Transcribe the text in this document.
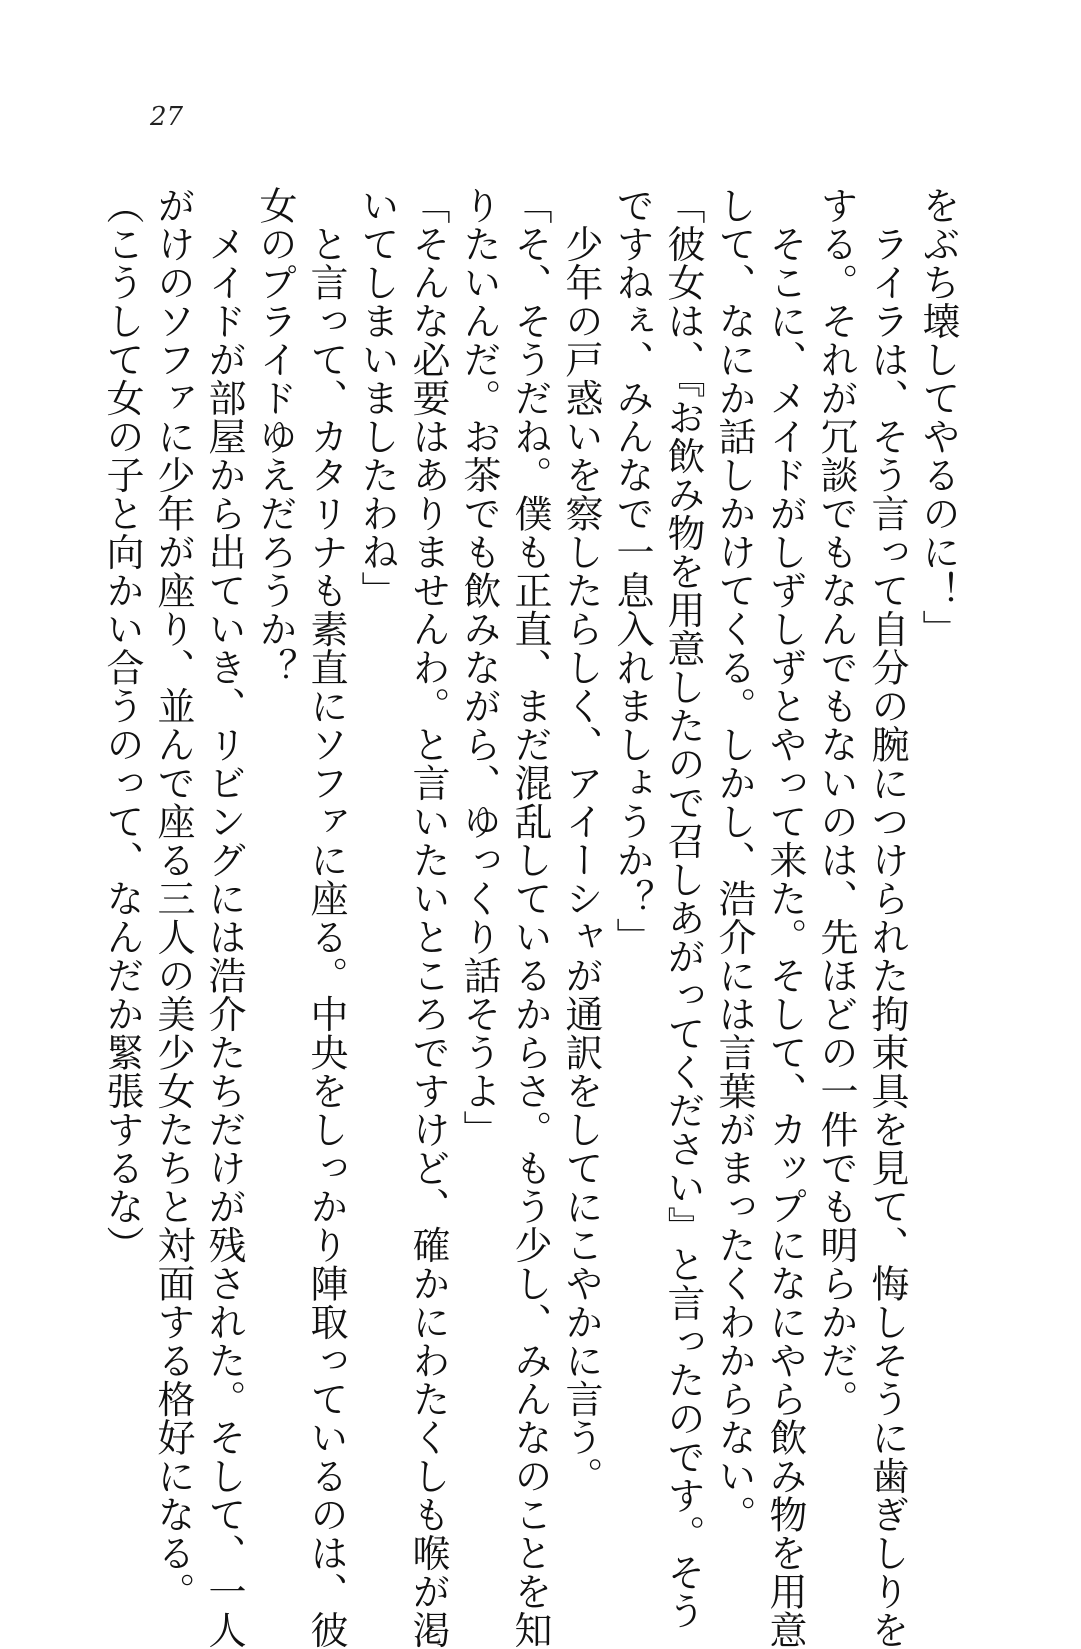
27
をぶち壊してやるのに！」
　ライラは、そう言って自分の腕につけられた拘束具を見て、悔しそうに歯ぎしりを
する。それが冗談でもなんでもないのは、先ほどの一件でも明らかだ。
　そこに、メイドがしずしずとやって来た。そして、カップになにやら飲み物を用意
して、なにか話しかけてくる。しかし、浩介には言葉がまったくわからない。
「彼女は、『お飲み物を用意したので召しあがってください』と言ったのです。そう
ですねぇ、みんなで一息入れましょうか？」
　少年の戸惑いを察したらしく、アイーシャが通訳をしてにこやかに言う。
「そ、そうだね。僕も正直、まだ混乱しているからさ。もう少し、みんなのことを知
りたいんだ。お茶でも飲みながら、ゆっくり話そうよ」
「そんな必要はありませんわ。と言いたいところですけど、確かにわたくしも喉が渇
いてしまいましたわね」
　と言って、カタリナも素直にソファに座る。中央をしっかり陣取っているのは、彼
女のプライドゆえだろうか？
　メイドが部屋から出ていき、リビングには浩介たちだけが残された。そして、一人
がけのソファに少年が座り、並んで座る三人の美少女たちと対面する格好になる。
（こうして女の子と向かい合うのって、なんだか緊張するな）
